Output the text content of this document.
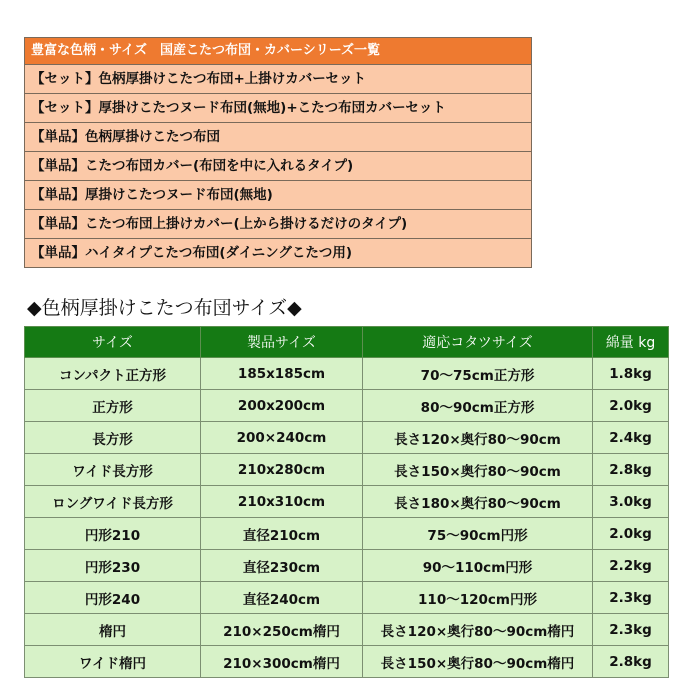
豊富な色柄・サイズ　国産こたつ布団・カバーシリーズ一覧
【セット】色柄厚掛けこたつ布団+上掛けカバーセット
【セット】厚掛けこたつヌード布団(無地)+こたつ布団カバーセット
【単品】色柄厚掛けこたつ布団
【単品】こたつ布団カバー(布団を中に入れるタイプ)
【単品】厚掛けこたつヌード布団(無地)
【単品】こたつ布団上掛けカバー(上から掛けるだけのタイプ)
【単品】ハイタイプこたつ布団(ダイニングこたつ用)
◆色柄厚掛けこたつ布団サイズ◆
サイズ	製品サイズ	適応コタツサイズ	綿量 kg
コンパクト正方形	185x185cm	70～75cm正方形	1.8kg
正方形	200x200cm	80～90cm正方形	2.0kg
長方形	200×240cm	長さ120×奥行80～90cm	2.4kg
ワイド長方形	210x280cm	長さ150×奥行80～90cm	2.8kg
ロングワイド長方形	210x310cm	長さ180×奥行80～90cm	3.0kg
円形210	直径210cm	75～90cm円形	2.0kg
円形230	直径230cm	90～110cm円形	2.2kg
円形240	直径240cm	110～120cm円形	2.3kg
楕円	210×250cm楕円	長さ120×奥行80～90cm楕円	2.3kg
ワイド楕円	210×300cm楕円	長さ150×奥行80～90cm楕円	2.8kg
